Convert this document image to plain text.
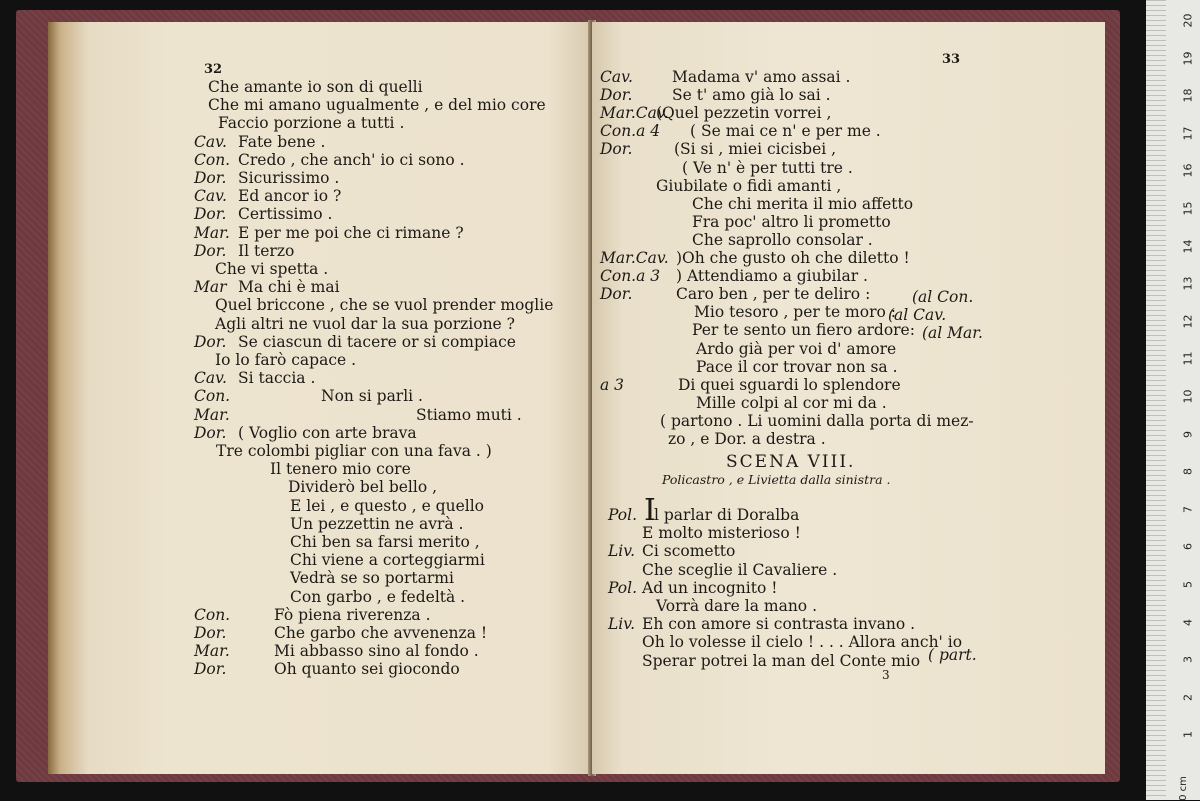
32
Che amante io son di quelli
Che mi amano ugualmente , e del mio core
Faccio porzione a tutti .
Cav. Fate bene .
Con. Credo , che anch' io ci sono .
Dor. Sicurissimo .
Cav. Ed ancor io ?
Dor. Certissimo .
Mar. E per me poi che ci rimane ?
Dor. Il terzo
Che vi spetta .
Mar Ma chi è mai
Quel briccone , che se vuol prender moglie
Agli altri ne vuol dar la sua porzione ?
Dor. Se ciascun di tacere or si compiace
Io lo farò capace .
Cav. Si taccia .
Con.	Non si parli .
Mar.	Stiamo muti .
Dor. ( Voglio con arte brava
Tre colombi pigliar con una fava . )
Il tenero mio core
Dividerò bel bello ,
E lei , e questo , e quello
Un pezzettin ne avrà .
Chi ben sa farsi merito ,
Chi viene a corteggiarmi
Vedrà se so portarmi
Con garbo , e fedeltà .
Con.	Fò piena riverenza .
Dor.	Che garbo che avvenenza !
Mar.	Mi abbasso sino al fondo .
Dor.	Oh quanto sei giocondo
33
Cav.	Madama v' amo assai .
Dor.	Se t' amo già lo sai .
Mar.Cav.
(Quel pezzetin vorrei ,
Con.a 4 ( Se mai ce n' e per me .
Dor.	(Si si , miei cicisbei ,
( Ve n' è per tutti tre .
Giubilate o fidi amanti ,
Che chi merita il mio affetto
Fra poc' altro li prometto
Che saprollo consolar .
Mar.Cav. )Oh che gusto oh che diletto !
Con.a 3 ) Attendiamo a giubilar .
Dor.	Caro ben , per te deliro :
Mio tesoro , per te moro :
Per te sento un fiero ardore:
Ardo già per voi d' amore
Pace il cor trovar non sa .
a 3	Di quei sguardi lo splendore
Mille colpi al cor mi da .
( partono . Li uomini dalla porta di mez-
zo , e Dor. a destra .
(al Con.
(al Cav.
(al Mar.
SCENA VIII.
Policastro , e Livietta dalla sinistra .
I
Pol. l parlar di Doralba
E molto misterioso !
Liv. Ci scometto
Che sceglie il Cavaliere .
Pol. Ad un incognito !
Vorrà dare la mano .
Liv. Eh con amore si contrasta invano .
Oh lo volesse il cielo ! . . . Allora anch' io
Sperar potrei la man del Conte mio ( part.
3
20
19
18
17
16
15
14
13
12
11
10
9
8
7
6
5
4
3
2
1
0 cm
